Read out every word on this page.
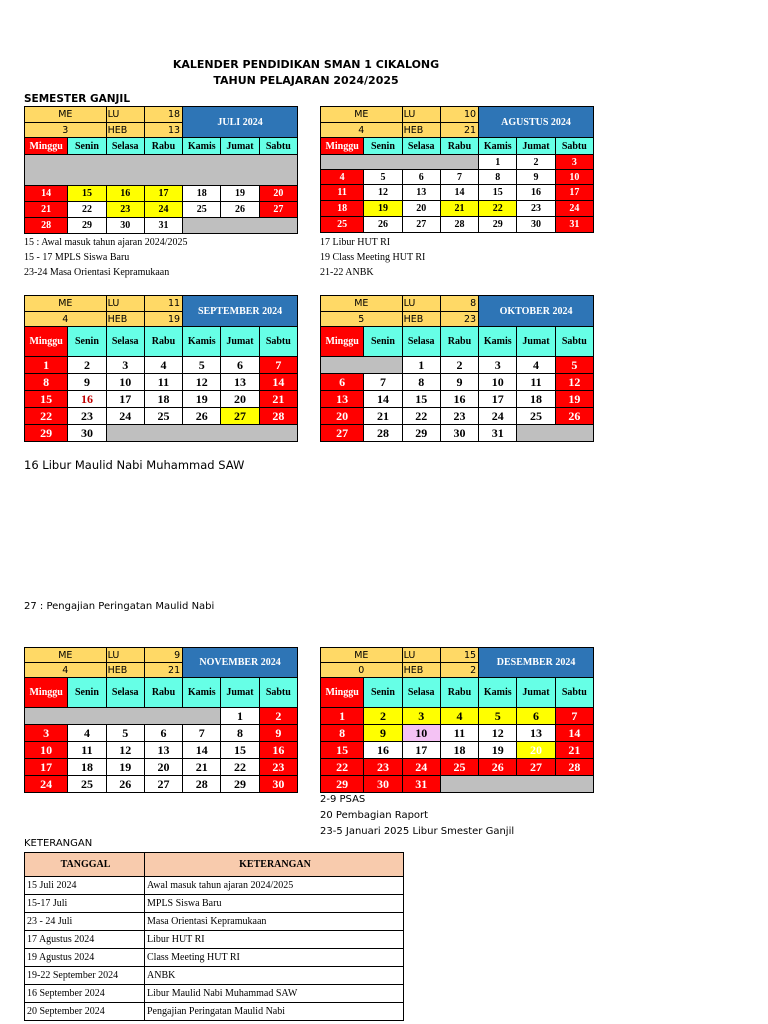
KALENDER PENDIDIKAN SMAN 1 CIKALONG
TAHUN PELAJARAN 2024/2025
SEMESTER GANJIL
ME		LU	18	JULI 2024		
3		HEB	13			
Minggu	Senin	Selasa	Rabu	Kamis	Jumat	Sabtu

14	15	16	17	18	19	20
21	22	23	24	25	26	27
28	29	30	31			
ME		LU	10	AGUSTUS 2024		
4		HEB	21			
Minggu	Senin	Selasa	Rabu	Kamis	Jumat	Sabtu
				1	2	3
4	5	6	7	8	9	10
11	12	13	14	15	16	17
18	19	20	21	22	23	24
25	26	27	28	29	30	31
ME		LU	11	SEPTEMBER 2024		
4		HEB	19			
Minggu	Senin	Selasa	Rabu	Kamis	Jumat	Sabtu
1	2	3	4	5	6	7
8	9	10	11	12	13	14
15	16	17	18	19	20	21
22	23	24	25	26	27	28
29	30					
ME		LU	8	OKTOBER 2024		
5		HEB	23			
Minggu	Senin	Selasa	Rabu	Kamis	Jumat	Sabtu
		1	2	3	4	5
6	7	8	9	10	11	12
13	14	15	16	17	18	19
20	21	22	23	24	25	26
27	28	29	30	31		
ME		LU	9	NOVEMBER 2024		
4		HEB	21			
Minggu	Senin	Selasa	Rabu	Kamis	Jumat	Sabtu
					1	2
3	4	5	6	7	8	9
10	11	12	13	14	15	16
17	18	19	20	21	22	23
24	25	26	27	28	29	30
ME		LU	15	DESEMBER 2024		
0		HEB	2			
Minggu	Senin	Selasa	Rabu	Kamis	Jumat	Sabtu
1	2	3	4	5	6	7
8	9	10	11	12	13	14
15	16	17	18	19	20	21
22	23	24	25	26	27	28
29	30	31				
15 : Awal masuk tahun ajaran 2024/2025
15 - 17 MPLS Siswa Baru
23-24 Masa Orientasi Kepramukaan
17 Libur HUT RI
19 Class Meeting HUT RI
21-22 ANBK
16 Libur Maulid Nabi Muhammad SAW
27 : Pengajian Peringatan Maulid Nabi
2-9 PSAS
20 Pembagian Raport
23-5 Januari 2025 Libur Smester Ganjil
KETERANGAN
TANGGAL	KETERANGAN
15 Juli 2024	Awal masuk tahun ajaran 2024/2025
15-17 Juli	MPLS Siswa Baru
23 - 24 Juli	Masa Orientasi Kepramukaan
17 Agustus 2024	Libur HUT RI
19 Agustus 2024	Class Meeting HUT RI
19-22 September 2024	ANBK
16 September 2024	Libur Maulid Nabi Muhammad SAW
20 September 2024	Pengajian Peringatan Maulid Nabi
